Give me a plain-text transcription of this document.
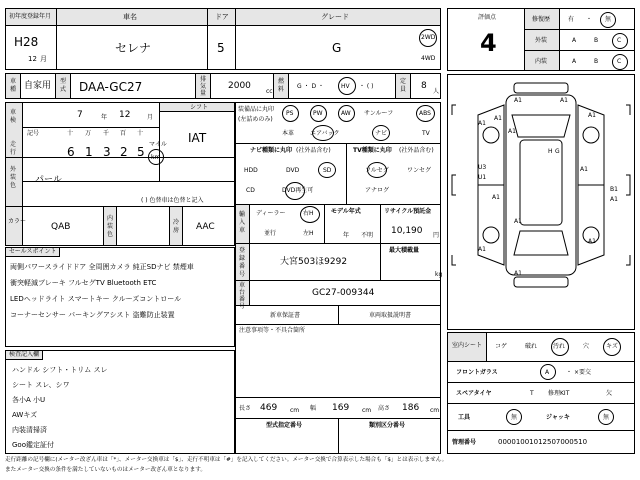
初年度登録年月	車名	ドア	グレード
H28
12 月
セレナ	5	G
2WD
4WD
車種 自家用 型式 DAA-GC27
排気量
2000
cc
燃料	G ・ D ・	HV ・ ( )
定員 8
人
車検
走行
7	年 12	月
記号	十 万 千 百 十
6 1 3 2 5
マイル
km
シフト
IAT
外装色
パール
( ) 色替車は色替と記入
カラー
QAB
内装色
冷房 AAC
セールスポイント
両側パワースライドドア 全周囲カメラ 純正SDナビ 禁煙車
衝突軽減ブレーキ フルセグTV Bluetooth ETC
LEDヘッドライト スマートキー クルーズコントロール
コーナーセンサー パーキングアシスト 盗難防止装置
検査記入欄
ハンドル シフト・トリム スレ
シート スレ、シワ
各小A 小U
AWキズ
内装清掃済
Goo鑑定証付
装備品に丸印
(左詰めのみ)
PS
本革
PW
エアバック
AW
ナビ
サンルーフ	ABS
TV
ナビ種類に丸印 (社外品含む)
HDD	DVD	SD
CD	DVD再生可
TV種類に丸印 (社外品含む)
フルセグ	ワンセグ
アナログ
輸入車
ディーラー
並行
右H
左H
モデル年式
年 不明
リサイクル預託金
10,190 円
登録番号
大宮503ほ9292
最大積載量
kg
車台番号
GC27-009344
新車保証書	車両取扱説明書
注意事項等・不具合箇所
長さ 469 cm 幅 169 cm 高さ 186 cm
型式指定番号	類別区分番号
評価点
4
修復歴	有 ・ 無
外装	A	B	C
内装	A	B	C
A1	A1
A1
A1
A1
A1
U3
U1
A1
A1
B1
A1
A1
A1
A1
A1
H G
室内シート	コゲ	破れ	汚れ	穴	キズ
フロントガラス	A	・ ×要交
スペアタイヤ	T 修理KIT	欠
工具	無	ジャッキ	無
管理番号	00001001012507000510
走行距離の記号欄に(メーター改ざん車は「*」、メーター交換車は「$」、走行不明車は「#」を記入してください。メーター交換で合算表示した場合も「$」とは表示しません。
またメーター交換の条件を満たしていないものはメーター改ざん車となります。
